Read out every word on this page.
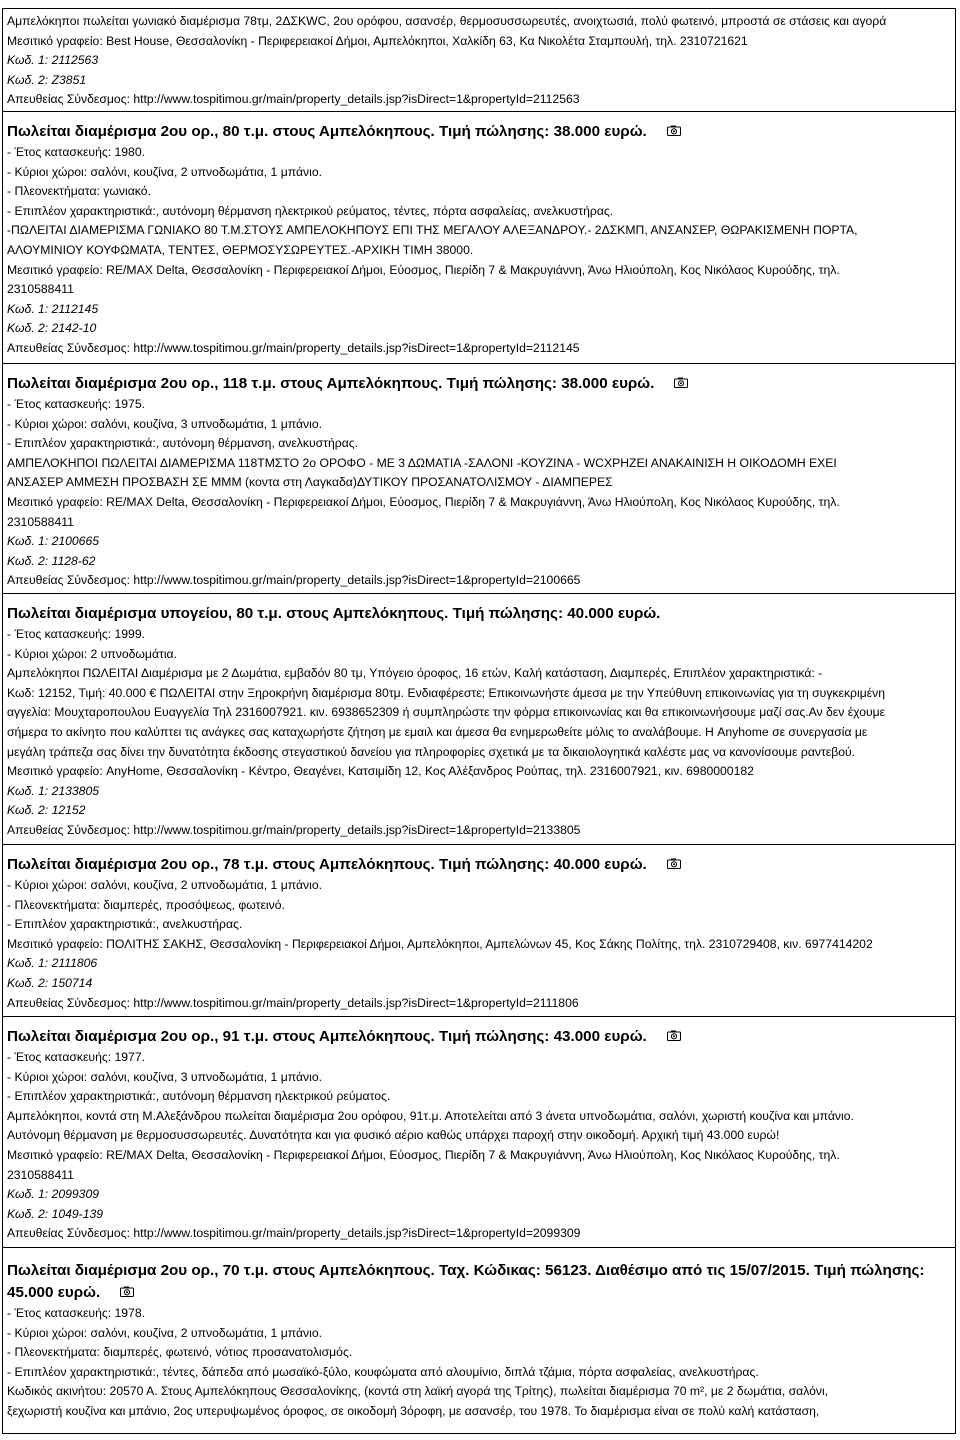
Αμπελόκηποι πωλείται γωνιακό διαμέρισμα 78τμ, 2ΔΣΚWC, 2ου ορόφου, ασανσέρ, θερμοσυσσωρευτές, ανοιχτωσιά, πολύ φωτεινό, μπροστά σε στάσεις και αγορά
Μεσιτικό γραφείο: Best House, Θεσσαλονίκη - Περιφερειακοί Δήμοι, Αμπελόκηποι, Χαλκίδη 63, Κα Νικολέτα Σταμπουλή, τηλ. 2310721621
Κωδ. 1: 2112563
Κωδ. 2: Ζ3851
Απευθείας Σύνδεσμος: http://www.tospitimou.gr/main/property_details.jsp?isDirect=1&propertyId=2112563
Πωλείται διαμέρισμα 2ου ορ., 80 τ.μ. στους Αμπελόκηπους. Τιμή πώλησης: 38.000 ευρώ.
- Έτος κατασκευής: 1980.
- Κύριοι χώροι: σαλόνι, κουζίνα, 2 υπνοδωμάτια, 1 μπάνιο.
- Πλεονεκτήματα: γωνιακό.
- Επιπλέον χαρακτηριστικά:, αυτόνομη θέρμανση ηλεκτρικού ρεύματος, τέντες, πόρτα ασφαλείας, ανελκυστήρας.
-ΠΩΛΕΙΤΑΙ ΔΙΑΜΕΡΙΣΜΑ ΓΩΝΙΑΚΟ 80 Τ.Μ.ΣΤΟΥΣ ΑΜΠΕΛΟΚΗΠΟΥΣ ΕΠΙ ΤΗΣ ΜΕΓΑΛΟΥ ΑΛΕΞΑΝΔΡΟΥ.- 2ΔΣΚΜΠ, ΑΝΣΑΝΣΕΡ, ΘΩΡΑΚΙΣΜΕΝΗ ΠΟΡΤΑ,
ΑΛΟΥΜΙΝΙΟΥ ΚΟΥΦΩΜΑΤΑ, ΤΕΝΤΕΣ, ΘΕΡΜΟΣΥΣΩΡΕΥΤΕΣ.-ΑΡΧΙΚΗ ΤΙΜΗ 38000.
Μεσιτικό γραφείο: RE/MAX Delta, Θεσσαλονίκη - Περιφερειακοί Δήμοι, Εύοσμος, Πιερίδη 7 & Μακρυγιάννη, Άνω Ηλιούπολη, Κος Νικόλαος Κυρούδης, τηλ.
2310588411
Κωδ. 1: 2112145
Κωδ. 2: 2142-10
Απευθείας Σύνδεσμος: http://www.tospitimou.gr/main/property_details.jsp?isDirect=1&propertyId=2112145
Πωλείται διαμέρισμα 2ου ορ., 118 τ.μ. στους Αμπελόκηπους. Τιμή πώλησης: 38.000 ευρώ.
- Έτος κατασκευής: 1975.
- Κύριοι χώροι: σαλόνι, κουζίνα, 3 υπνοδωμάτια, 1 μπάνιο.
- Επιπλέον χαρακτηριστικά:, αυτόνομη θέρμανση, ανελκυστήρας.
ΑΜΠΕΛΟΚΗΠΟΙ ΠΩΛΕΙΤΑΙ ΔΙΑΜΕΡΙΣΜΑ 118ΤΜΣΤΟ 2ο ΟΡΟΦΟ - ΜΕ 3 ΔΩΜΑΤΙΑ -ΣΑΛΟΝΙ -ΚΟΥΖΙΝΑ - WCXΡΗΖΕΙ ΑΝΑΚΑΙΝΙΣΗ Η ΟΙΚΟΔΟΜΗ ΕΧΕΙ
ΑΝΣΑΣΕΡ ΑΜΜΕΣΗ ΠΡΟΣΒΑΣΗ ΣΕ ΜΜΜ (κοντα στη Λαγκαδα)ΔΥΤΙΚΟΥ ΠΡΟΣΑΝΑΤΟΛΙΣΜΟΥ - ΔΙΑΜΠΕΡΕΣ
Μεσιτικό γραφείο: RE/MAX Delta, Θεσσαλονίκη - Περιφερειακοί Δήμοι, Εύοσμος, Πιερίδη 7 & Μακρυγιάννη, Άνω Ηλιούπολη, Κος Νικόλαος Κυρούδης, τηλ.
2310588411
Κωδ. 1: 2100665
Κωδ. 2: 1128-62
Απευθείας Σύνδεσμος: http://www.tospitimou.gr/main/property_details.jsp?isDirect=1&propertyId=2100665
Πωλείται διαμέρισμα υπογείου, 80 τ.μ. στους Αμπελόκηπους. Τιμή πώλησης: 40.000 ευρώ.
- Έτος κατασκευής: 1999.
- Κύριοι χώροι: 2 υπνοδωμάτια.
Αμπελόκηποι ΠΩΛΕΙΤΑΙ Διαμέρισμα με 2 Δωμάτια, εμβαδόν 80 τμ, Υπόγειο όροφος, 16 ετών, Καλή κατάσταση, Διαμπερές, Επιπλέον χαρακτηριστικά: -
Κωδ: 12152, Τιμή: 40.000 € ΠΩΛΕΙΤΑΙ στην Ξηροκρήνη διαμέρισμα 80τμ. Ενδιαφέρεστε; Επικοινωνήστε άμεσα με την Υπεύθυνη επικοινωνίας για τη συγκεκριμένη
αγγελία: Μουχταροπουλου Ευαγγελία Τηλ 2316007921. κιν. 6938652309 ή συμπληρώστε την φόρμα επικοινωνίας και θα επικοινωνήσουμε μαζί σας.Αν δεν έχουμε
σήμερα το ακίνητο που καλύπτει τις ανάγκες σας καταχωρήστε ζήτηση με εμαιλ και άμεσα θα ενημερωθείτε μόλις το αναλάβουμε. Η Anyhome σε συνεργασία με
μεγάλη τράπεζα σας δίνει την δυνατότητα έκδοσης στεγαστικού δανείου για πληροφορίες σχετικά με τα δικαιολογητικά καλέστε μας να κανονίσουμε ραντεβού.
Μεσιτικό γραφείο: AnyHome, Θεσσαλονίκη - Κέντρο, Θεαγένει, Κατσιμίδη 12, Κος Αλέξανδρος Ρούπας, τηλ. 2316007921, κιν. 6980000182
Κωδ. 1: 2133805
Κωδ. 2: 12152
Απευθείας Σύνδεσμος: http://www.tospitimou.gr/main/property_details.jsp?isDirect=1&propertyId=2133805
Πωλείται διαμέρισμα 2ου ορ., 78 τ.μ. στους Αμπελόκηπους. Τιμή πώλησης: 40.000 ευρώ.
- Κύριοι χώροι: σαλόνι, κουζίνα, 2 υπνοδωμάτια, 1 μπάνιο.
- Πλεονεκτήματα: διαμπερές, προσόψεως, φωτεινό.
- Επιπλέον χαρακτηριστικά:, ανελκυστήρας.
Μεσιτικό γραφείο: ΠΟΛΙΤΗΣ ΣΑΚΗΣ, Θεσσαλονίκη - Περιφερειακοί Δήμοι, Αμπελόκηποι, Αμπελώνων 45, Κος Σάκης Πολίτης, τηλ. 2310729408, κιν. 6977414202
Κωδ. 1: 2111806
Κωδ. 2: 150714
Απευθείας Σύνδεσμος: http://www.tospitimou.gr/main/property_details.jsp?isDirect=1&propertyId=2111806
Πωλείται διαμέρισμα 2ου ορ., 91 τ.μ. στους Αμπελόκηπους. Τιμή πώλησης: 43.000 ευρώ.
- Έτος κατασκευής: 1977.
- Κύριοι χώροι: σαλόνι, κουζίνα, 3 υπνοδωμάτια, 1 μπάνιο.
- Επιπλέον χαρακτηριστικά:, αυτόνομη θέρμανση ηλεκτρικού ρεύματος.
Αμπελόκηποι, κοντά στη Μ.Αλεξάνδρου πωλείται διαμέρισμα 2ου ορόφου, 91τ.μ. Αποτελείται από 3 άνετα υπνοδωμάτια, σαλόνι, χωριστή κουζίνα και μπάνιο.
Αυτόνομη θέρμανση με θερμοσυσσωρευτές. Δυνατότητα και για φυσικό αέριο καθώς υπάρχει παροχή στην οικοδομή. Αρχική τιμή 43.000 ευρώ!
Μεσιτικό γραφείο: RE/MAX Delta, Θεσσαλονίκη - Περιφερειακοί Δήμοι, Εύοσμος, Πιερίδη 7 & Μακρυγιάννη, Άνω Ηλιούπολη, Κος Νικόλαος Κυρούδης, τηλ.
2310588411
Κωδ. 1: 2099309
Κωδ. 2: 1049-139
Απευθείας Σύνδεσμος: http://www.tospitimou.gr/main/property_details.jsp?isDirect=1&propertyId=2099309
Πωλείται διαμέρισμα 2ου ορ., 70 τ.μ. στους Αμπελόκηπους. Ταχ. Κώδικας: 56123. Διαθέσιμο από τις 15/07/2015. Τιμή πώλησης: 45.000 ευρώ.
- Έτος κατασκευής: 1978.
- Κύριοι χώροι: σαλόνι, κουζίνα, 2 υπνοδωμάτια, 1 μπάνιο.
- Πλεονεκτήματα: διαμπερές, φωτεινό, νότιος προσανατολισμός.
- Επιπλέον χαρακτηριστικά:, τέντες, δάπεδα από μωσαϊκό-ξύλο, κουφώματα από αλουμίνιο, διπλά τζάμια, πόρτα ασφαλείας, ανελκυστήρας.
Κωδικός ακινήτου: 20570 Α. Στους Αμπελόκηπους Θεσσαλονίκης, (κοντά στη λαϊκή αγορά της Τρίτης), πωλείται διαμέρισμα 70 m², με 2 δωμάτια, σαλόνι,
ξεχωριστή κουζίνα και μπάνιο, 2ος υπερυψωμένος όροφος, σε οικοδομή 3όροφη, με ασανσέρ, του 1978. Το διαμέρισμα είναι σε πολύ καλή κατάσταση,
